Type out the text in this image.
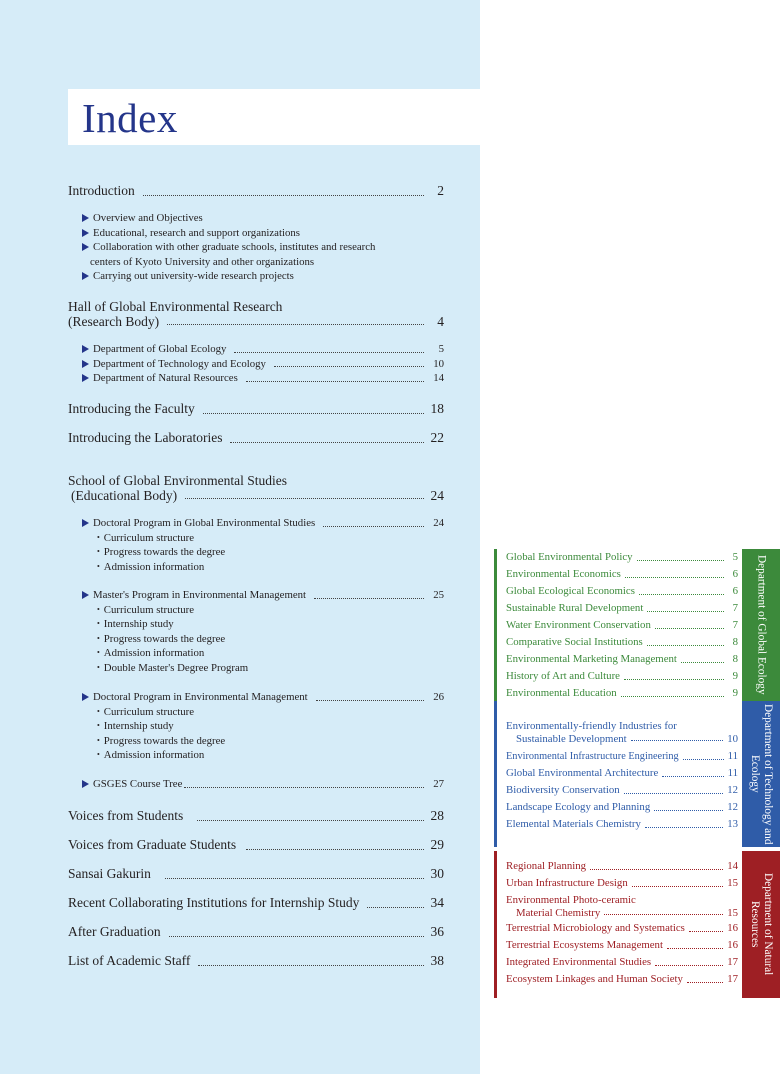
Index
Introduction	2
Overview and Objectives
Educational, research and support organizations
Collaboration with other graduate schools, institutes and research
centers of Kyoto University and other organizations
Carrying out university-wide research projects
Hall of Global Environmental Research
(Research Body)	4
Department of Global Ecology	5
Department of Technology and Ecology	10
Department of Natural Resources	14
Introducing the Faculty	18
Introducing the Laboratories	22
School of Global Environmental Studies
(Educational Body)	24
Doctoral Program in Global Environmental Studies	24
・Curriculum structure
・Progress towards the degree
・Admission information
Master's Program in Environmental Management	25
・Curriculum structure
・Internship study
・Progress towards the degree
・Admission information
・Double Master's Degree Program
Doctoral Program in Environmental Management	26
・Curriculum structure
・Internship study
・Progress towards the degree
・Admission information
GSGES Course Tree	27
Voices from Students	28
Voices from Graduate Students	29
Sansai Gakurin	30
Recent Collaborating Institutions for Internship Study	34
After Graduation	36
List of Academic Staff	38
Global Environmental Policy	5
Environmental Economics	6
Global Ecological Economics	6
Sustainable Rural Development	7
Water Environment Conservation	7
Comparative Social Institutions	8
Environmental Marketing Management	8
History of Art and Culture	9
Environmental Education	9	Department of Global Ecology
Environmentally-friendly Industries for
Sustainable Development	10
Environmental Infrastructure Engineering	11
Global Environmental Architecture	11
Biodiversity Conservation	12
Landscape Ecology and Planning	12
Elemental Materials Chemistry	13	Department of Technology and Ecology
Regional Planning	14
Urban Infrastructure Design	15
Environmental Photo-ceramic
Material Chemistry	15
Terrestrial Microbiology and Systematics	16
Terrestrial Ecosystems Management	16
Integrated Environmental Studies	17
Ecosystem Linkages and Human Society	17
Department of Natural Resources
